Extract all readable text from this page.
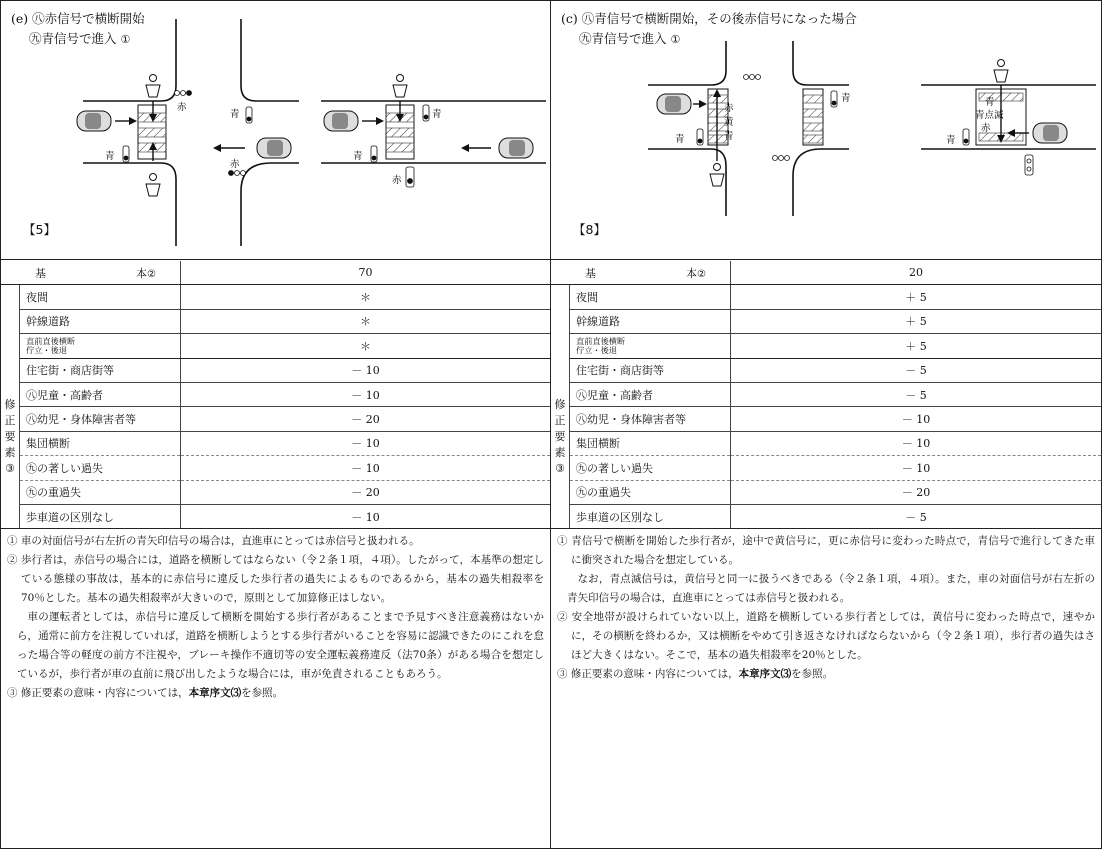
(e) ㊇赤信号で横断開始
㊈青信号で進入 ①
赤
青
青
赤
青
青
赤
【5】
基 本②		70

修
正
要
素
③	夜間	＊
	幹線道路	＊

	直前直後横断
佇立・後退	＊
	住宅街・商店街等	－ 10
	㊇児童・高齢者	－ 10
	㊇幼児・身体障害者等	－ 20
	集団横断	－ 10
	㊈の著しい過失	－ 10
	㊈の重過失	－ 20
	歩車道の区別なし	－ 10

① 車の対面信号が右左折の青矢印信号の場合は，直進車にとっては赤信号と扱われる。

② 歩行者は，赤信号の場合には，道路を横断してはならない（令２条１項，４項）。したがって，本基準の想定している態様の事故は，基本的に赤信号に違反した歩行者の過失によるものであるから，基本の過失相殺率を70％とした。基本の過失相殺率が大きいので，原則として加算修正はしない。

車の運転者としては，赤信号に違反して横断を開始する歩行者があることまで予見すべき注意義務はないから，通常に前方を注視していれば，道路を横断しようとする歩行者がいることを容易に認識できたのにこれを怠った場合等の軽度の前方不注視や，ブレーキ操作不適切等の安全運転義務違反（法70条）がある場合を想定しているが，歩行者が車の直前に飛び出したような場合には，車が免責されることもあろう。

③ 修正要素の意味・内容については，本章序文⑶を参照。

(c) ㊇青信号で横断開始，その後赤信号になった場合
㊈青信号で進入 ①
赤
黄
青
青
青	青
青点滅
赤
青
【8】
基 本②		20

修
正
要
素
③	夜間	＋ 5
	幹線道路	＋ 5

	直前直後横断
佇立・後退	＋ 5
	住宅街・商店街等	－ 5
	㊇児童・高齢者	－ 5
	㊇幼児・身体障害者等	－ 10
	集団横断	－ 10
	㊈の著しい過失	－ 10
	㊈の重過失	－ 20
	歩車道の区別なし	－ 5

① 青信号で横断を開始した歩行者が，途中で黄信号に，更に赤信号に変わった時点で，青信号で進行してきた車に衝突された場合を想定している。

なお，青点滅信号は，黄信号と同一に扱うべきである（令２条１項，４項）。また，車の対面信号が右左折の青矢印信号の場合は，直進車にとっては赤信号と扱われる。

② 安全地帯が設けられていない以上，道路を横断している歩行者としては，黄信号に変わった時点で，速やかに，その横断を終わるか，又は横断をやめて引き返さなければならないから（令２条１項），歩行者の過失はさほど大きくはない。そこで，基本の過失相殺率を20％とした。

③ 修正要素の意味・内容については，本章序文⑶を参照。
